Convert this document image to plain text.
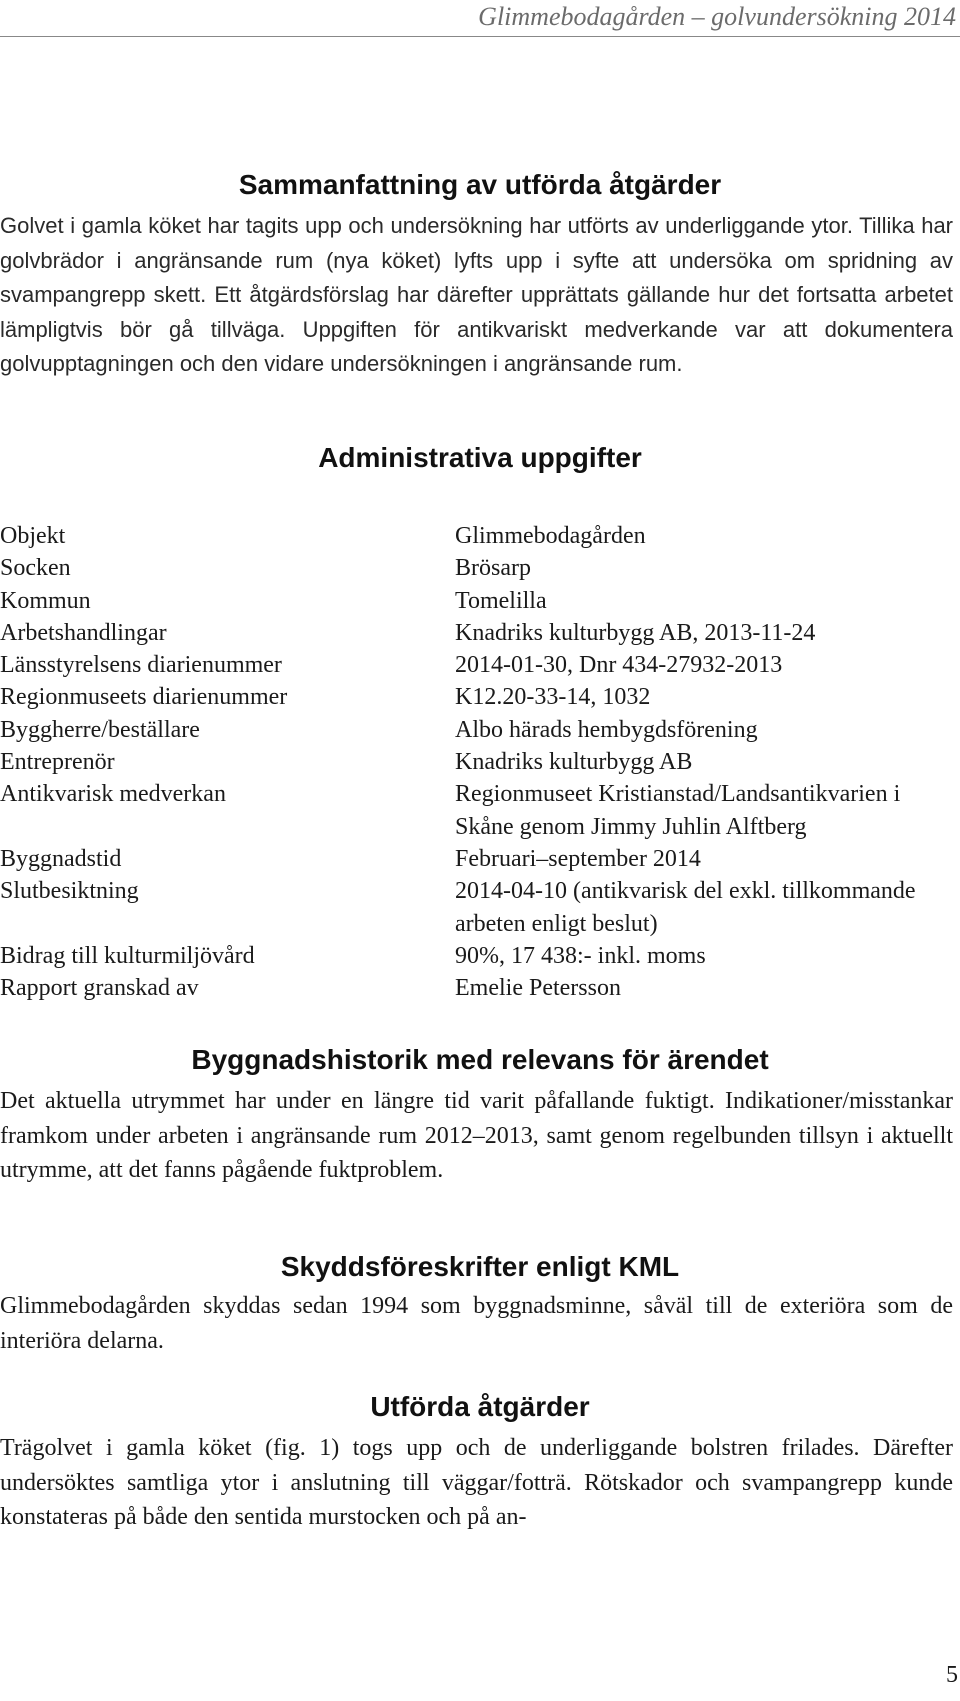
Glimmebodagården – golvundersökning 2014
Sammanfattning av utförda åtgärder

Golvet i gamla köket har tagits upp och undersökning har utförts av underliggande ytor. Tillika har golvbrädor i angränsande rum (nya köket) lyfts upp i syfte att undersöka om spridning av svampangrepp skett. Ett åtgärdsförslag har därefter upprättats gällande hur det fortsatta arbetet lämpligtvis bör gå tillväga. Uppgiften för antikvariskt medverkande var att dokumentera golvupptagningen och den vidare undersökningen i angränsande rum.

Administrativa uppgifter
Objekt	Glimmebodagården
Socken	Brösarp
Kommun	Tomelilla
Arbetshandlingar	Knadriks kulturbygg AB, 2013-11-24
Länsstyrelsens diarienummer	2014-01-30, Dnr 434-27932-2013
Regionmuseets diarienummer	K12.20-33-14, 1032
Byggherre/beställare	Albo härads hembygdsförening
Entreprenör	Knadriks kulturbygg AB
Antikvarisk medverkan	Regionmuseet Kristianstad/Landsantikvarien i Skåne genom Jimmy Juhlin Alftberg
Byggnadstid	Februari–september 2014
Slutbesiktning	2014-04-10 (antikvarisk del exkl. tillkommande arbeten enligt beslut)
Bidrag till kulturmiljövård	90%, 17 438:- inkl. moms
Rapport granskad av	Emelie Petersson
Byggnadshistorik med relevans för ärendet

Det aktuella utrymmet har under en längre tid varit påfallande fuktigt. Indikationer/misstankar framkom under arbeten i angränsande rum 2012–2013, samt genom regelbunden tillsyn i aktuellt utrymme, att det fanns pågående fuktproblem.

Skyddsföreskrifter enligt KML

Glimmebodagården skyddas sedan 1994 som byggnadsminne, såväl till de exteriöra som de interiöra delarna.

Utförda åtgärder

Trägolvet i gamla köket (fig. 1) togs upp och de underliggande bolstren frilades. Därefter undersöktes samtliga ytor i anslutning till väggar/fotträ. Rötskador och svampangrepp kunde konstateras på både den sentida murstocken och på an-

5
